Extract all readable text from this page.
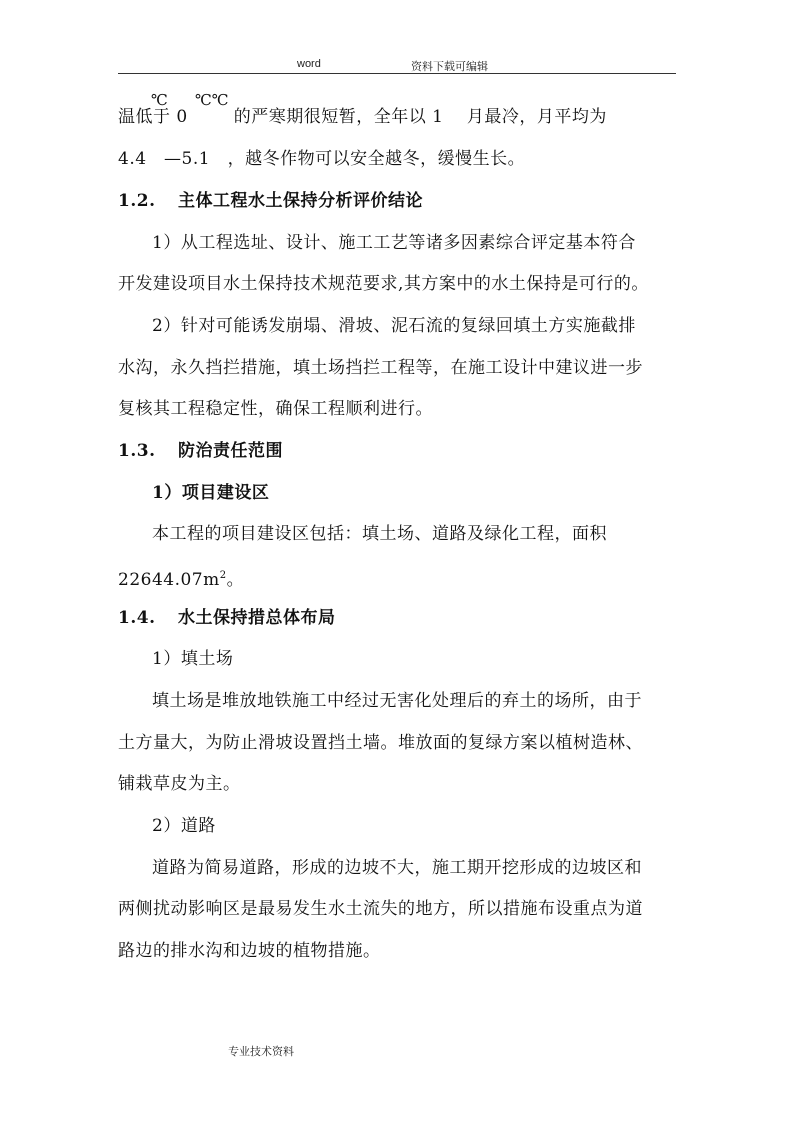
word	资料下载可编辑
℃ ℃℃
温低于 0	的严寒期很短暂，全年以 1　 月最冷，月平均为
4.4　—5.1　，越冬作物可以安全越冬，缓慢生长。
1.2. 主体工程水土保持分析评价结论
1）从工程选址、设计、施工工艺等诸多因素综合评定基本符合
开发建设项目水土保持技术规范要求,其方案中的水土保持是可行的。
2）针对可能诱发崩塌、滑坡、泥石流的复绿回填土方实施截排
水沟，永久挡拦措施，填土场挡拦工程等，在施工设计中建议进一步
复核其工程稳定性，确保工程顺利进行。
1.3. 防治责任范围
1）项目建设区
本工程的项目建设区包括：填土场、道路及绿化工程，面积
$22644.07m^2$。
1.4. 水土保持措总体布局
1）填土场
填土场是堆放地铁施工中经过无害化处理后的弃土的场所，由于
土方量大，为防止滑坡设置挡土墙。堆放面的复绿方案以植树造林、
铺栽草皮为主。
2）道路
道路为简易道路，形成的边坡不大，施工期开挖形成的边坡区和
两侧扰动影响区是最易发生水土流失的地方，所以措施布设重点为道
路边的排水沟和边坡的植物措施。
专业技术资料
